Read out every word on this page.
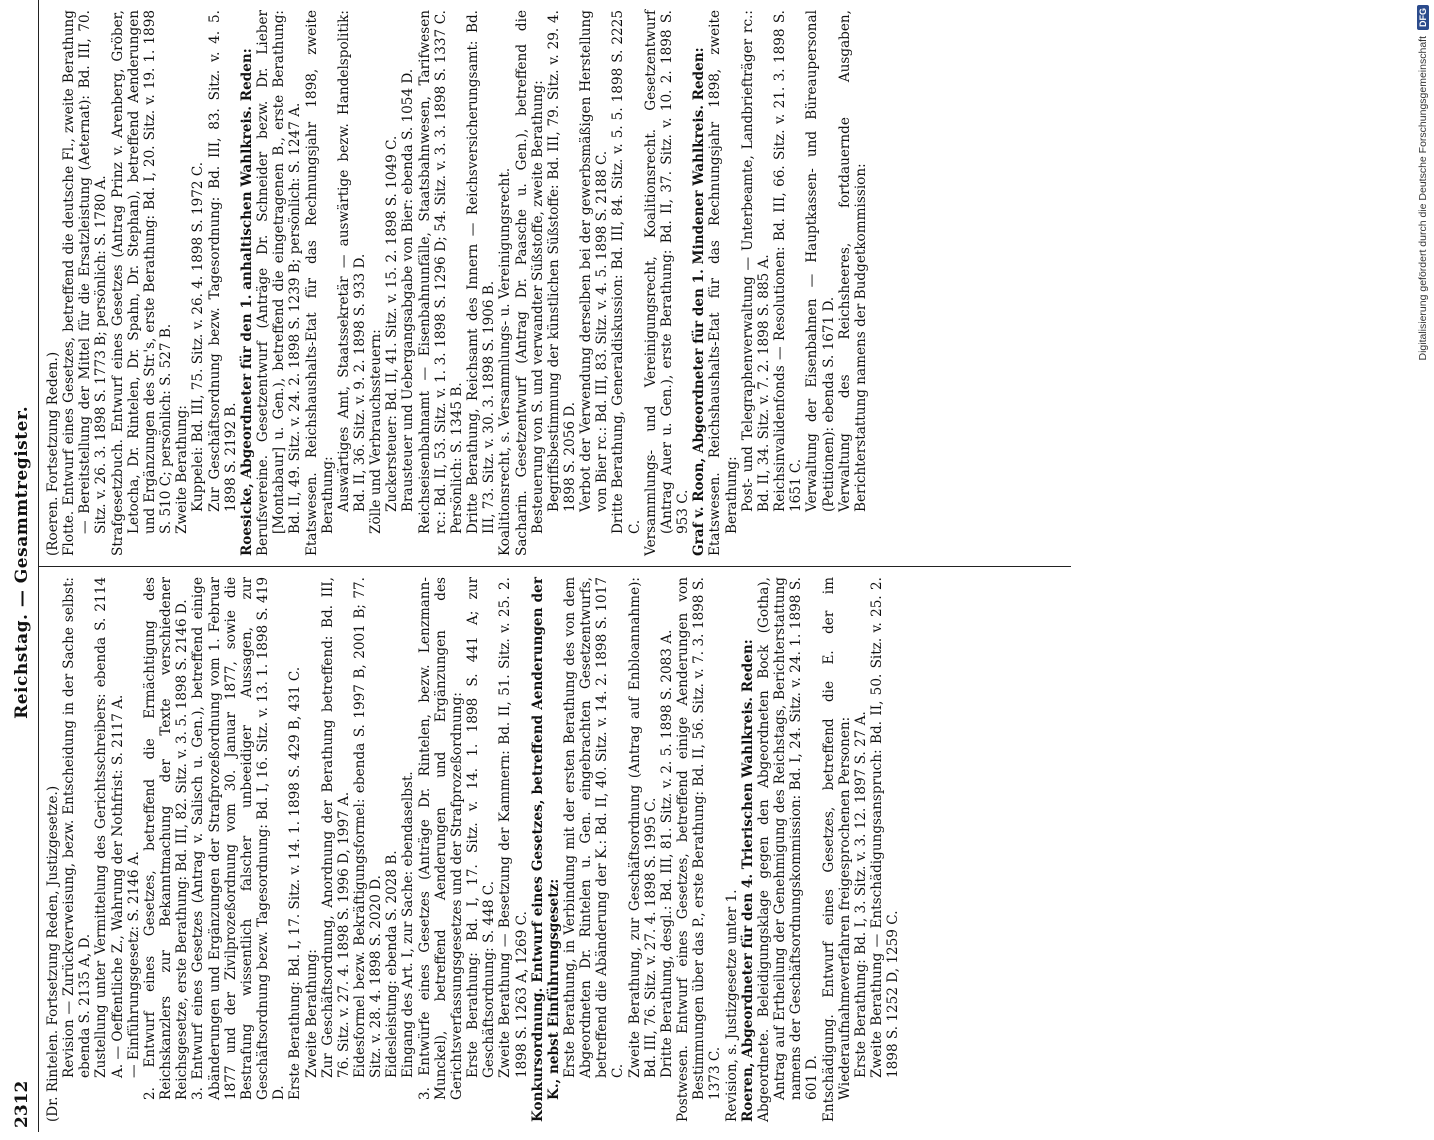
2312
Reichstag. — Gesammtregister.

(Dr. Rintelen. Fortsetzung Reden, Justizgesetze.) Revision — Zurückverweisung, bezw. Entscheidung in der Sache selbst: ebenda S. 2135 A, D. Zustellung unter Vermittelung des Gerichtsschreibers: ebenda S. 2114 A. — Oeffentliche Z., Wahrung der Nothfrist: S. 2117 A. — Einführungsgesetz: S. 2146 A. 2. Entwurf eines Gesetzes, betreffend die Ermächtigung des Reichskanzlers zur Bekanntmachung der Texte verschiedener Reichsgesetze, erste Berathung: Bd. III, 82. Sitz. v. 3. 5. 1898 S. 2146 D. 3. Entwurf eines Gesetzes (Antrag v. Salisch u. Gen.), betreffend einige Abänderungen und Ergänzungen der Strafprozeßordnung vom 1. Februar 1877 und der Zivilprozeßordnung vom 30. Januar 1877, sowie die Bestrafung wissentlich falscher unbeeidiger Aussagen, zur Geschäftsordnung bezw. Tagesordnung: Bd. I, 16. Sitz. v. 13. 1. 1898 S. 419 D. Erste Berathung: Bd. I, 17. Sitz. v. 14. 1. 1898 S. 429 B, 431 C. Zweite Berathung: Zur Geschäftsordnung, Anordnung der Berathung betreffend: Bd. III, 76. Sitz. v. 27. 4. 1898 S. 1996 D, 1997 A. Eidesformel bezw. Bekräftigungsformel: ebenda S. 1997 B, 2001 B; 77. Sitz. v. 28. 4. 1898 S. 2020 D. Eidesleistung: ebenda S. 2028 B. Eingang des Art. I, zur Sache: ebendaselbst. 3. Entwürfe eines Gesetzes (Anträge Dr. Rintelen, bezw. Lenzmann-Munckel), betreffend Aenderungen und Ergänzungen des Gerichtsverfassungsgesetzes und der Strafprozeßordnung: Erste Berathung: Bd. I, 17. Sitz. v. 14. 1. 1898 S. 441 A; zur Geschäftsordnung: S. 448 C. Zweite Berathung — Besetzung der Kammern: Bd. II, 51. Sitz. v. 25. 2. 1898 S. 1263 A, 1269 C. Konkursordnung. Entwurf eines Gesetzes, betreffend Aenderungen der K., nebst Einführungsgesetz: Erste Berathung, in Verbindung mit der ersten Berathung des von dem Abgeordneten Dr. Rintelen u. Gen. eingebrachten Gesetzentwurfs, betreffend die Abänderung der K.: Bd. II, 40. Sitz. v. 14. 2. 1898 S. 1017 C. Zweite Berathung, zur Geschäftsordnung (Antrag auf Enbloannahme): Bd. III, 76. Sitz. v. 27. 4. 1898 S. 1995 C. Dritte Berathung, desgl.: Bd. III, 81. Sitz. v. 2. 5. 1898 S. 2083 A. Postwesen. Entwurf eines Gesetzes, betreffend einige Aenderungen von Bestimmungen über das P., erste Berathung: Bd. II, 56. Sitz. v. 7. 3. 1898 S. 1373 C. Revision, s. Justizgesetze unter 1. Roeren, Abgeordneter für den 4. Trierischen Wahlkreis. Reden: Abgeordnete. Beleidigungsklage gegen den Abgeordneten Bock (Gotha), Antrag auf Ertheilung der Genehmigung des Reichstags, Berichterstattung namens der Geschäftsordnungskommission: Bd. I, 24. Sitz. v. 24. 1. 1898 S. 601 D. Entschädigung. Entwurf eines Gesetzes, betreffend die E. der im Wiederaufnahmeverfahren freigesprochenen Personen: Erste Berathung: Bd. I, 3. Sitz. v. 3. 12. 1897 S. 27 A. Zweite Berathung — Entschädigungsanspruch: Bd. II, 50. Sitz. v. 25. 2. 1898 S. 1252 D, 1259 C.

(Roeren. Fortsetzung Reden.) Flotte. Entwurf eines Gesetzes, betreffend die deutsche Fl., zweite Berathung — Bereitstellung der Mittel für die Ersatzleistung (Aeternat): Bd. III, 70. Sitz. v. 26. 3. 1898 S. 1773 B; persönlich: S. 1780 A. Strafgesetzbuch. Entwurf eines Gesetzes (Antrag Prinz v. Arenberg, Gröber, Letocha, Dr. Rintelen, Dr. Spahn, Dr. Stephan), betreffend Aenderungen und Ergänzungen des Str.'s, erste Berathung: Bd. I, 20. Sitz. v. 19. 1. 1898 S. 510 C; persönlich: S. 527 B. Zweite Berathung: Kuppelei: Bd. III, 75. Sitz. v. 26. 4. 1898 S. 1972 C. Zur Geschäftsordnung bezw. Tagesordnung: Bd. III, 83. Sitz. v. 4. 5. 1898 S. 2192 B. Roesicke, Abgeordneter für den 1. anhaltischen Wahlkreis. Reden: Berufsvereine. Gesetzentwurf (Anträge Dr. Schneider bezw. Dr. Lieber [Montabaur] u. Gen.), betreffend die eingetragenen B., erste Berathung: Bd. II, 49. Sitz. v. 24. 2. 1898 S. 1239 B; persönlich: S. 1247 A. Etatswesen. Reichshaushalts-Etat für das Rechnungsjahr 1898, zweite Berathung: Auswärtiges Amt, Staatssekretär — auswärtige bezw. Handelspolitik: Bd. II, 36. Sitz. v. 9. 2. 1898 S. 933 D. Zölle und Verbrauchssteuern: Zuckersteuer: Bd. II, 41. Sitz. v. 15. 2. 1898 S. 1049 C. Brausteuer und Uebergangsabgabe von Bier: ebenda S. 1054 D. Reichseisenbahnamt — Eisenbahnunfälle, Staatsbahnwesen, Tarifwesen rc.: Bd. II, 53. Sitz. v. 1. 3. 1898 S. 1296 D; 54. Sitz. v. 3. 3. 1898 S. 1337 C. Persönlich: S. 1345 B. Dritte Berathung, Reichsamt des Innern — Reichsversicherungsamt: Bd. III, 73. Sitz. v. 30. 3. 1898 S. 1906 B. Koalitionsrecht, s. Versammlungs- u. Vereinigungsrecht. Sacharin. Gesetzentwurf (Antrag Dr. Paasche u. Gen.), betreffend die Besteuerung von S. und verwandter Süßstoffe, zweite Berathung: Begriffsbestimmung der künstlichen Süßstoffe: Bd. III, 79. Sitz. v. 29. 4. 1898 S. 2056 D. Verbot der Verwendung derselben bei der gewerbsmäßigen Herstellung von Bier rc.: Bd. III, 83. Sitz. v. 4. 5. 1898 S. 2188 C. Dritte Berathung, Generaldiskussion: Bd. III, 84. Sitz. v. 5. 5. 1898 S. 2225 C. Versammlungs- und Vereinigungsrecht, Koalitionsrecht. Gesetzentwurf (Antrag Auer u. Gen.), erste Berathung: Bd. II, 37. Sitz. v. 10. 2. 1898 S. 953 C. Graf v. Roon, Abgeordneter für den 1. Mindener Wahlkreis. Reden: Etatswesen. Reichshaushalts-Etat für das Rechnungsjahr 1898, zweite Berathung: Post- und Telegraphenverwaltung — Unterbeamte, Landbriefträger rc.: Bd. II, 34. Sitz. v. 7. 2. 1898 S. 885 A. Reichsinvalidenfonds — Resolutionen: Bd. III, 66. Sitz. v. 21. 3. 1898 S. 1651 C. Verwaltung der Eisenbahnen — Hauptkassen- und Büreaupersonal (Petitionen): ebenda S. 1671 D. Verwaltung des Reichsheeres, fortdauernde Ausgaben, Berichterstattung namens der Budgetkommission:	Digitalisierung gefördert durch die Deutsche Forschungsgemeinschaft
DFG
